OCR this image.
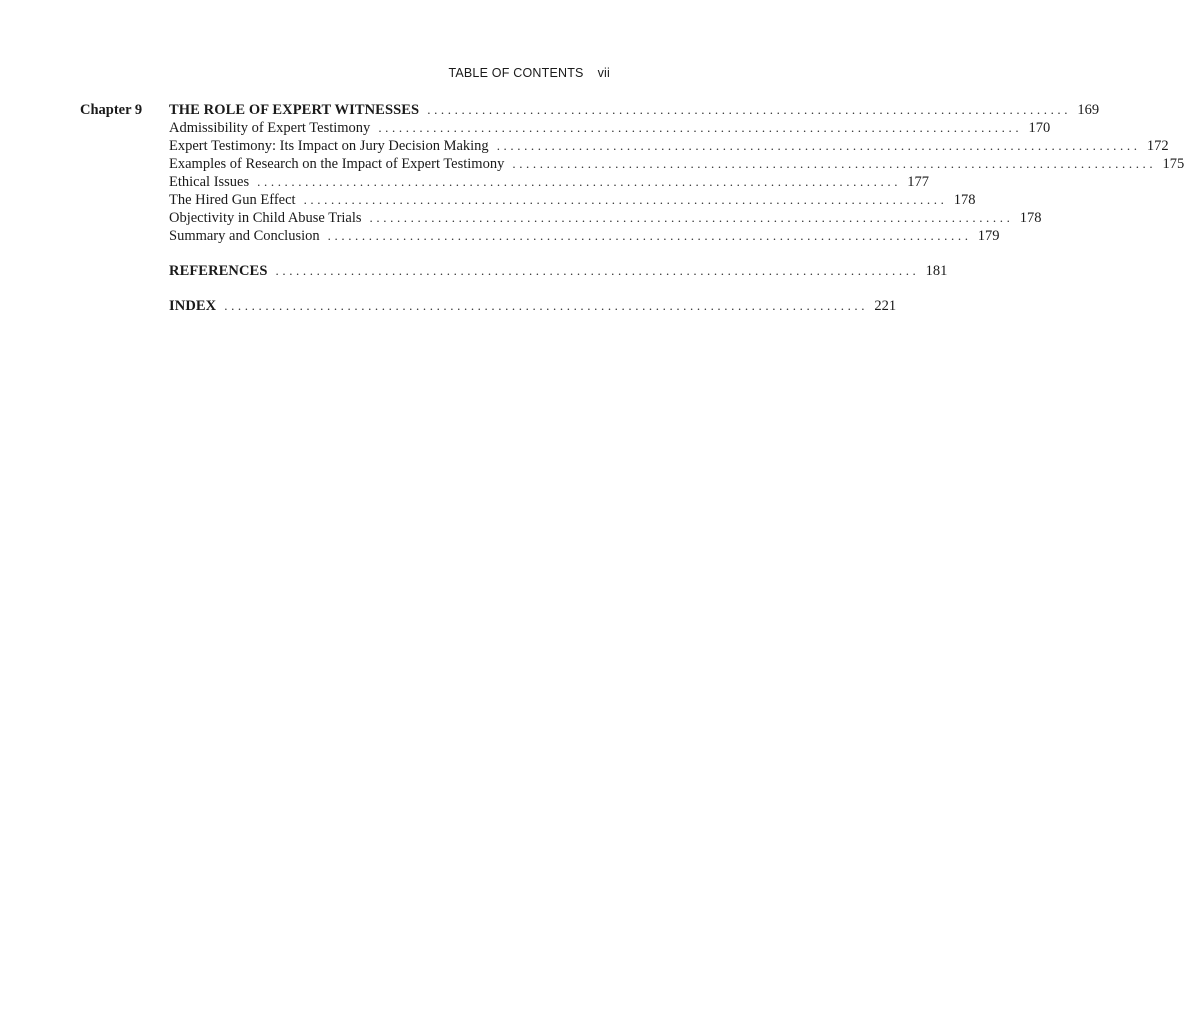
TABLE OF CONTENTS vii
Chapter 9	THE ROLE OF EXPERT WITNESSES .............................................................................................. 169
Admissibility of Expert Testimony .............................................................................................. 170
Expert Testimony: Its Impact on Jury Decision Making .............................................................................................. 172
Examples of Research on the Impact of Expert Testimony .............................................................................................. 175
Ethical Issues .............................................................................................. 177
The Hired Gun Effect .............................................................................................. 178
Objectivity in Child Abuse Trials .............................................................................................. 178
Summary and Conclusion .............................................................................................. 179
REFERENCES .............................................................................................. 181
INDEX .............................................................................................. 221
